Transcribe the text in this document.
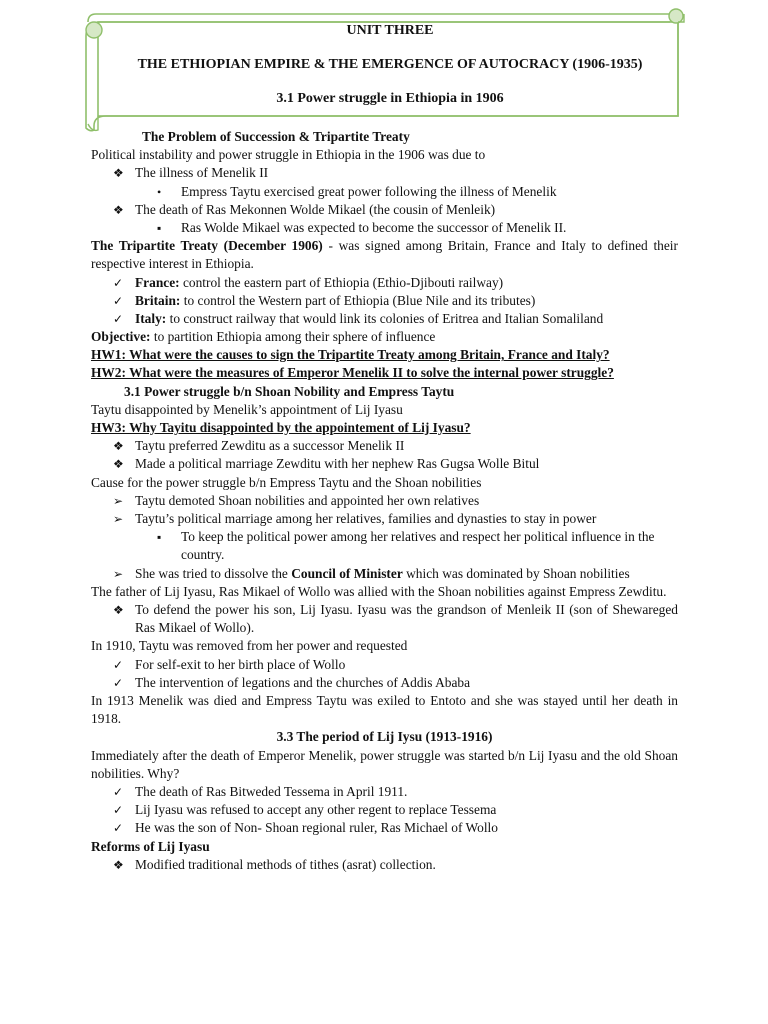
UNIT THREE
THE ETHIOPIAN EMPIRE & THE EMERGENCE OF AUTOCRACY (1906-1935)
3.1 Power struggle in Ethiopia in 1906
The Problem of Succession & Tripartite Treaty
Political instability and power struggle in Ethiopia in the 1906 was due to
❖ The illness of Menelik II
• Empress Taytu exercised great power following the illness of Menelik
❖ The death of Ras Mekonnen Wolde Mikael (the cousin of Menleik)
▪ Ras Wolde Mikael was expected to become the successor of Menelik II.
The Tripartite Treaty (December 1906) - was signed among Britain, France and Italy to defined their respective interest in Ethiopia.
✓ France: control the eastern part of Ethiopia (Ethio-Djibouti railway)
✓ Britain: to control the Western part of Ethiopia (Blue Nile and its tributes)
✓ Italy: to construct railway that would link its colonies of Eritrea and Italian Somaliland
Objective: to partition Ethiopia among their sphere of influence
HW1: What were the causes to sign the Tripartite Treaty among Britain, France and Italy?
HW2: What were the measures of Emperor Menelik II to solve the internal power struggle?
3.1 Power struggle b/n Shoan Nobility and Empress Taytu
Taytu disappointed by Menelik’s appointment of Lij Iyasu
HW3: Why Tayitu disappointed by the appointement of Lij Iyasu?
❖ Taytu preferred Zewditu as a successor Menelik II
❖ Made a political marriage Zewditu with her nephew Ras Gugsa Wolle Bitul
Cause for the power struggle b/n Empress Taytu and the Shoan nobilities
➢ Taytu demoted Shoan nobilities and appointed her own relatives
➢ Taytu’s political marriage among her relatives, families and dynasties to stay in power
▪ To keep the political power among her relatives and respect her political influence in the country.
➢ She was tried to dissolve the Council of Minister which was dominated by Shoan nobilities
The father of Lij Iyasu, Ras Mikael of Wollo was allied with the Shoan nobilities against Empress Zewditu.
❖ To defend the power his son, Lij Iyasu. Iyasu was the grandson of Menleik II (son of Shewareged Ras Mikael of Wollo).
In 1910, Taytu was removed from her power and requested
✓ For self-exit to her birth place of Wollo
✓ The intervention of legations and the churches of Addis Ababa
In 1913 Menelik was died and Empress Taytu was exiled to Entoto and she was stayed until her death in 1918.
3.3 The period of Lij Iysu (1913-1916)
Immediately after the death of Emperor Menelik, power struggle was started b/n Lij Iyasu and the old Shoan nobilities. Why?
✓ The death of Ras Bitweded Tessema in April 1911.
✓ Lij Iyasu was refused to accept any other regent to replace Tessema
✓ He was the son of Non- Shoan regional ruler, Ras Michael of Wollo
Reforms of Lij Iyasu
❖ Modified traditional methods of tithes (asrat) collection.
